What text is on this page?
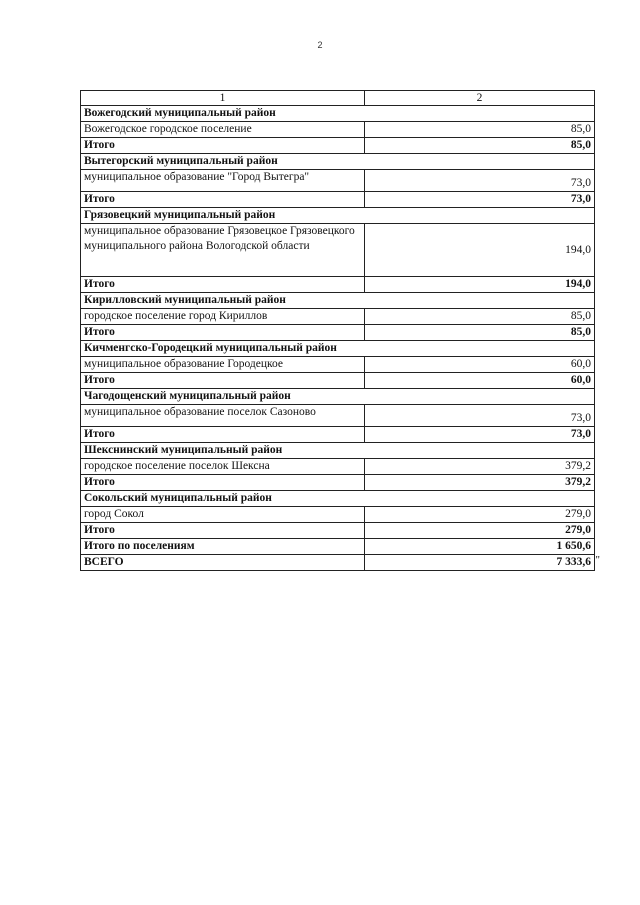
2
1	2
Вожегодский муниципальный район	
Вожегодское городское поселение	85,0
Итого	85,0
Вытегорский муниципальный район	
муниципальное образование "Город Вытегра"	73,0
Итого	73,0
Грязовецкий муниципальный район	
муниципальное образование Грязовецкое Грязовецкого муниципального района Вологодской области	194,0
Итого	194,0
Кирилловский муниципальный район	
городское поселение город Кириллов	85,0
Итого	85,0
Кичменгско-Городецкий муниципальный район	
муниципальное образование Городецкое	60,0
Итого	60,0
Чагодощенский муниципальный район	
муниципальное образование поселок Сазоново	73,0
Итого	73,0
Шекснинский муниципальный район	
городское поселение поселок Шексна	379,2
Итого	379,2
Сокольский муниципальный район	
город Сокол	279,0
Итого	279,0
Итого по поселениям	1 650,6
ВСЕГО	7 333,6 "
